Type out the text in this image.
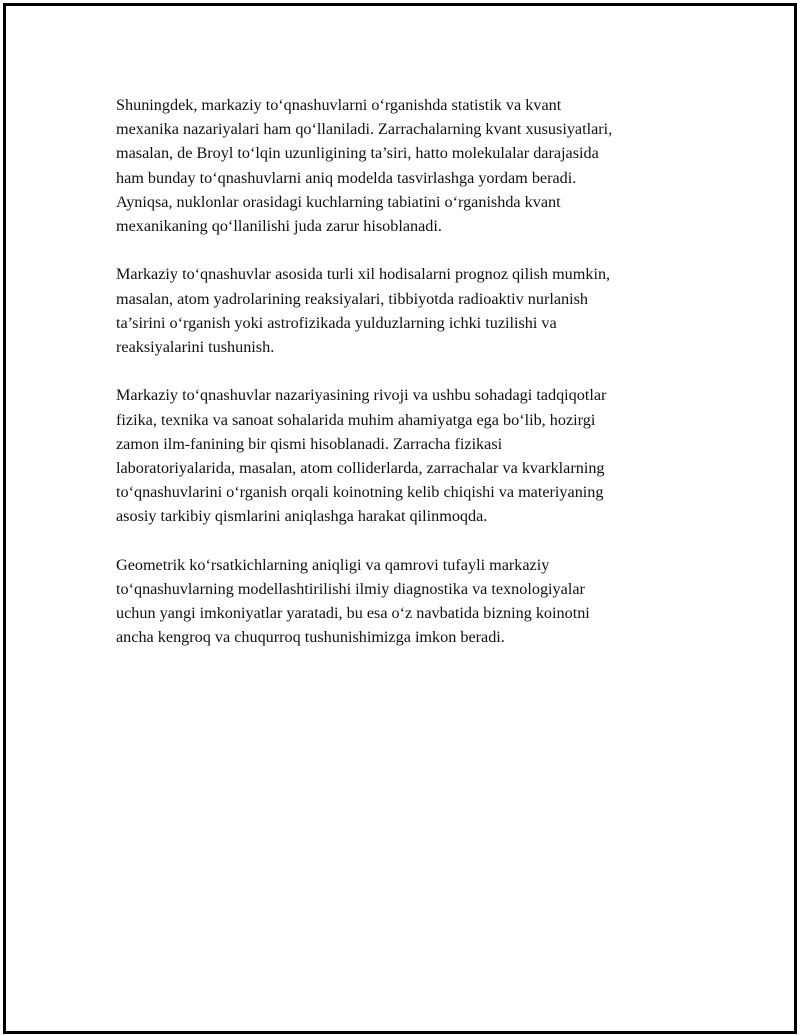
Shuningdek, markaziy to‘qnashuvlarni o‘rganishda statistik va kvant
mexanika nazariyalari ham qo‘llaniladi. Zarrachalarning kvant xususiyatlari,
masalan, de Broyl to‘lqin uzunligining ta’siri, hatto molekulalar darajasida
ham bunday to‘qnashuvlarni aniq modelda tasvirlashga yordam beradi.
Ayniqsa, nuklonlar orasidagi kuchlarning tabiatini o‘rganishda kvant
mexanikaning qo‘llanilishi juda zarur hisoblanadi.

Markaziy to‘qnashuvlar asosida turli xil hodisalarni prognoz qilish mumkin,
masalan, atom yadrolarining reaksiyalari, tibbiyotda radioaktiv nurlanish
ta’sirini o‘rganish yoki astrofizikada yulduzlarning ichki tuzilishi va
reaksiyalarini tushunish.

Markaziy to‘qnashuvlar nazariyasining rivoji va ushbu sohadagi tadqiqotlar
fizika, texnika va sanoat sohalarida muhim ahamiyatga ega bo‘lib, hozirgi
zamon ilm-fanining bir qismi hisoblanadi. Zarracha fizikasi
laboratoriyalarida, masalan, atom colliderlarda, zarrachalar va kvarklarning
to‘qnashuvlarini o‘rganish orqali koinotning kelib chiqishi va materiyaning
asosiy tarkibiy qismlarini aniqlashga harakat qilinmoqda.

Geometrik ko‘rsatkichlarning aniqligi va qamrovi tufayli markaziy
to‘qnashuvlarning modellashtirilishi ilmiy diagnostika va texnologiyalar
uchun yangi imkoniyatlar yaratadi, bu esa o‘z navbatida bizning koinotni
ancha kengroq va chuqurroq tushunishimizga imkon beradi.
